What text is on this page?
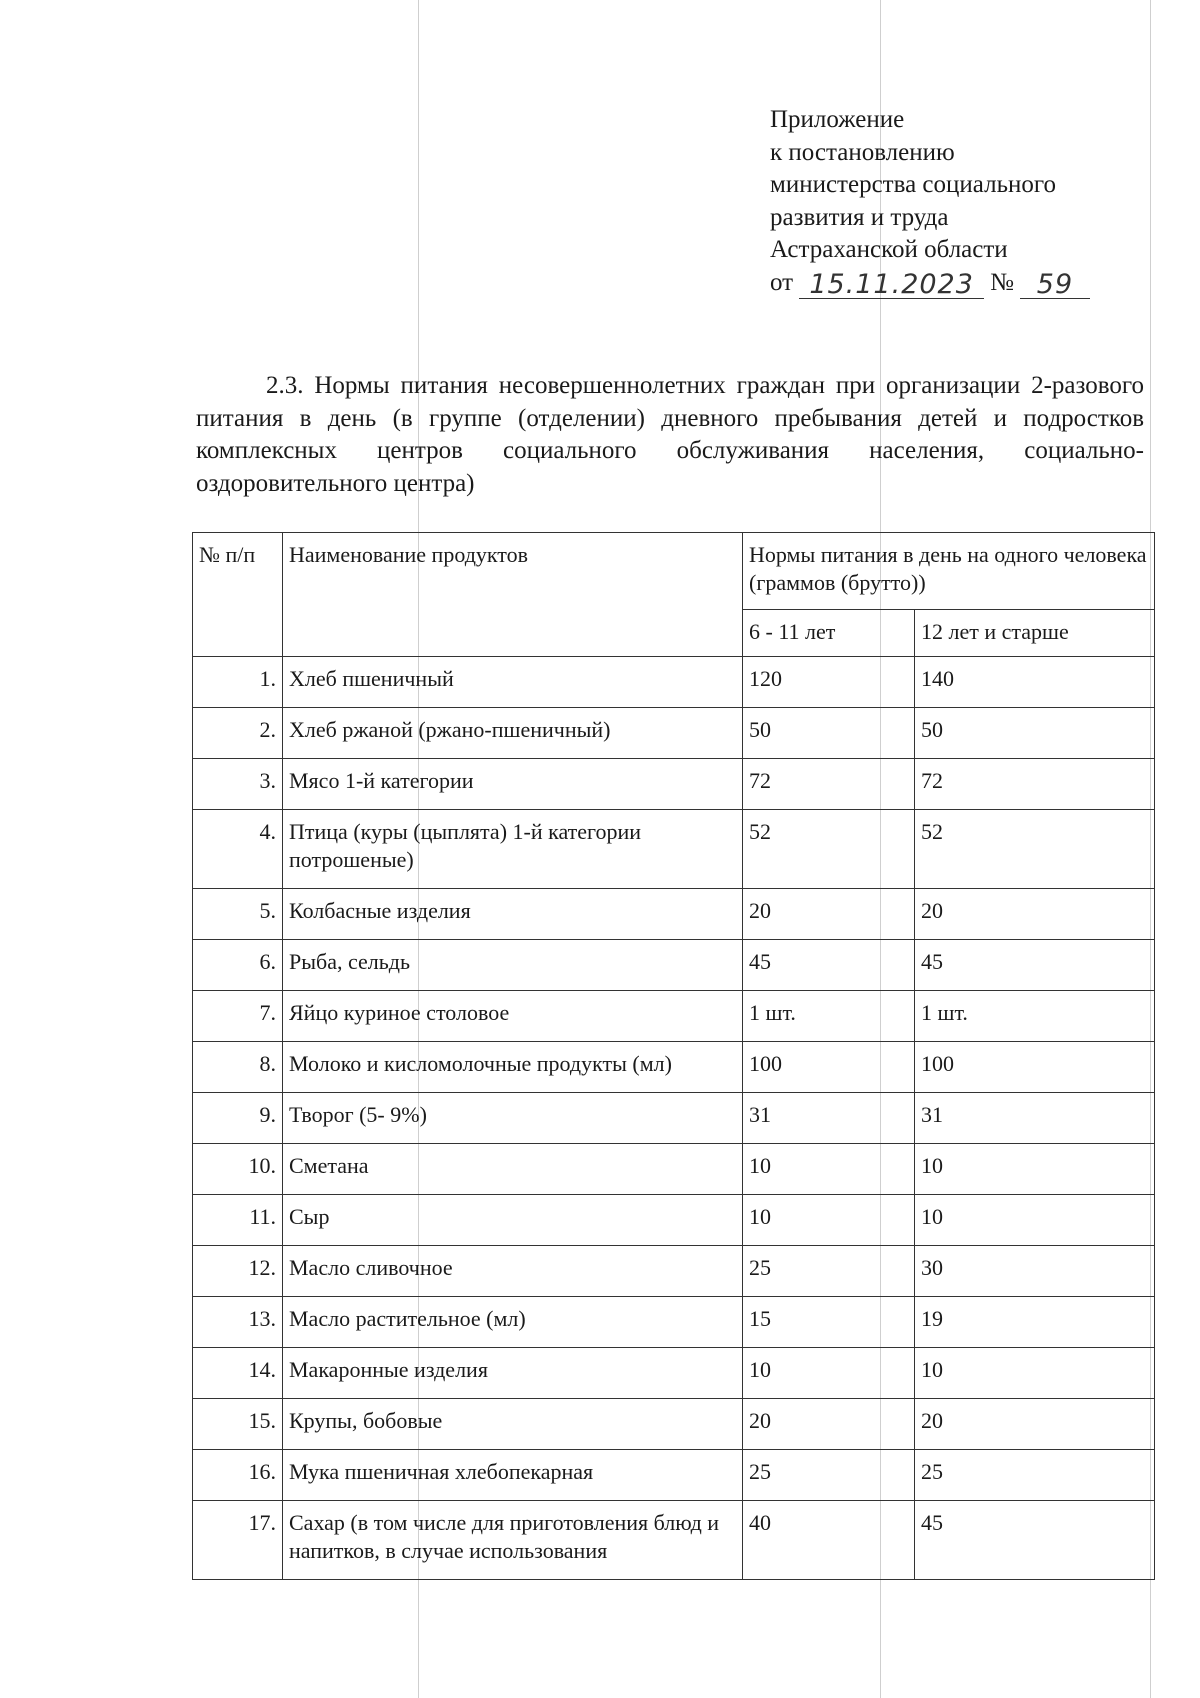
Приложение
к постановлению
министерства социального
развития и труда
Астраханской области
от 15.11.2023 № 59
2.3. Нормы питания несовершеннолетних граждан при организации 2-разового питания в день (в группе (отделении) дневного пребывания детей и подростков комплексных центров социального обслуживания населения, социально-оздоровительного центра)
№ п/п	Наименование продуктов	Нормы питания в день на одного человека (граммов (брутто))	
		6 - 11 лет	12 лет и старше
1.	Хлеб пшеничный	120	140
2.	Хлеб ржаной (ржано-пшеничный)	50	50
3.	Мясо 1-й категории	72	72
4.	Птица (куры (цыплята) 1-й категории потрошеные)	52	52
5.	Колбасные изделия	20	20
6.	Рыба, сельдь	45	45
7.	Яйцо куриное столовое	1 шт.	1 шт.
8.	Молоко и кисломолочные продукты (мл)	100	100
9.	Творог (5- 9%)	31	31
10.	Сметана	10	10
11.	Сыр	10	10
12.	Масло сливочное	25	30
13.	Масло растительное (мл)	15	19
14.	Макаронные изделия	10	10
15.	Крупы, бобовые	20	20
16.	Мука пшеничная хлебопекарная	25	25
17.	Сахар (в том числе для приготовления блюд и напитков, в случае использования	40	45
